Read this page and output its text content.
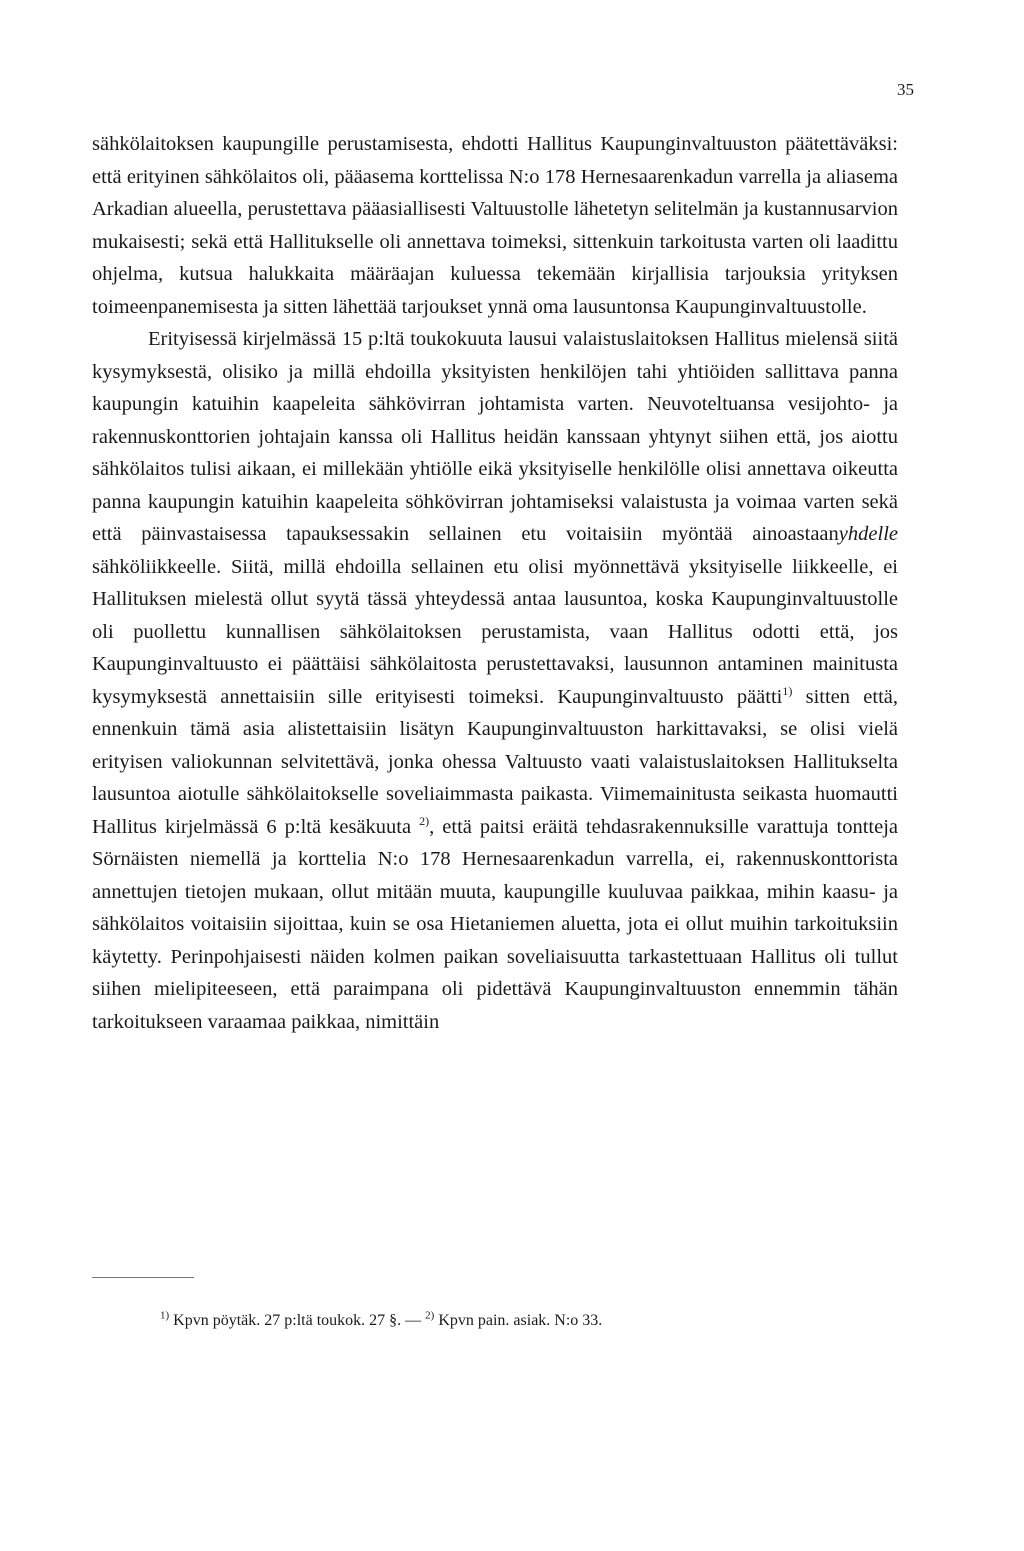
35

sähkölaitoksen kaupungille perustamisesta, ehdotti Hallitus Kaupunginvaltuuston päätettäväksi: että erityinen sähkölaitos oli, pääasema korttelissa N:o 178 Hernesaarenkadun varrella ja aliasema Arkadian alueella, perustettava pääasiallisesti Valtuustolle lähetetyn selitelmän ja kustannusarvion mukaisesti; sekä että Hallitukselle oli annettava toimeksi, sittenkuin tarkoitusta varten oli laadittu ohjelma, kutsua halukkaita määräajan kuluessa tekemään kirjallisia tarjouksia yrityksen toimeenpanemisesta ja sitten lähettää tarjoukset ynnä oma lausuntonsa Kaupunginvaltuustolle.

Erityisessä kirjelmässä 15 p:ltä toukokuuta lausui valaistuslaitoksen Hallitus mielensä siitä kysymyksestä, olisiko ja millä ehdoilla yksityisten henkilöjen tahi yhtiöiden sallittava panna kaupungin katuihin kaapeleita sähkövirran johtamista varten. Neuvoteltuansa vesijohto- ja rakennuskonttorien johtajain kanssa oli Hallitus heidän kanssaan yhtynyt siihen että, jos aiottu sähkölaitos tulisi aikaan, ei millekään yhtiölle eikä yksityiselle henkilölle olisi annettava oikeutta panna kaupungin katuihin kaapeleita söhkövirran johtamiseksi valaistusta ja voimaa varten sekä että päinvastaisessa tapauksessakin sellainen etu voitaisiin myöntää ainoastaanyhdelle sähköliikkeelle. Siitä, millä ehdoilla sellainen etu olisi myönnettävä yksityiselle liikkeelle, ei Hallituksen mielestä ollut syytä tässä yhteydessä antaa lausuntoa, koska Kaupunginvaltuustolle oli puollettu kunnallisen sähkölaitoksen perustamista, vaan Hallitus odotti että, jos Kaupunginvaltuusto ei päättäisi sähkölaitosta perustettavaksi, lausunnon antaminen mainitusta kysymyksestä annettaisiin sille erityisesti toimeksi. Kaupunginvaltuusto päätti$^{1)}$ sitten että, ennenkuin tämä asia alistettaisiin lisätyn Kaupunginvaltuuston harkittavaksi, se olisi vielä erityisen valiokunnan selvitettävä, jonka ohessa Valtuusto vaati valaistuslaitoksen Hallitukselta lausuntoa aiotulle sähkölaitokselle soveliaimmasta paikasta. Viimemainitusta seikasta huomautti Hallitus kirjelmässä 6 p:ltä kesäkuuta $^{2)}$, että paitsi eräitä tehdasrakennuksille varattuja tontteja Sörnäisten niemellä ja korttelia N:o 178 Hernesaarenkadun varrella, ei, rakennuskonttorista annettujen tietojen mukaan, ollut mitään muuta, kaupungille kuuluvaa paikkaa, mihin kaasu- ja sähkölaitos voitaisiin sijoittaa, kuin se osa Hietaniemen aluetta, jota ei ollut muihin tarkoituksiin käytetty. Perinpohjaisesti näiden kolmen paikan soveliaisuutta tarkastettuaan Hallitus oli tullut siihen mielipiteeseen, että paraimpana oli pidettävä Kaupunginvaltuuston ennemmin tähän tarkoitukseen varaamaa paikkaa, nimittäin

$^{1)}$ Kpvn pöytäk. 27 p:ltä toukok. 27 §. — $^{2)}$ Kpvn pain. asiak. N:o 33.
